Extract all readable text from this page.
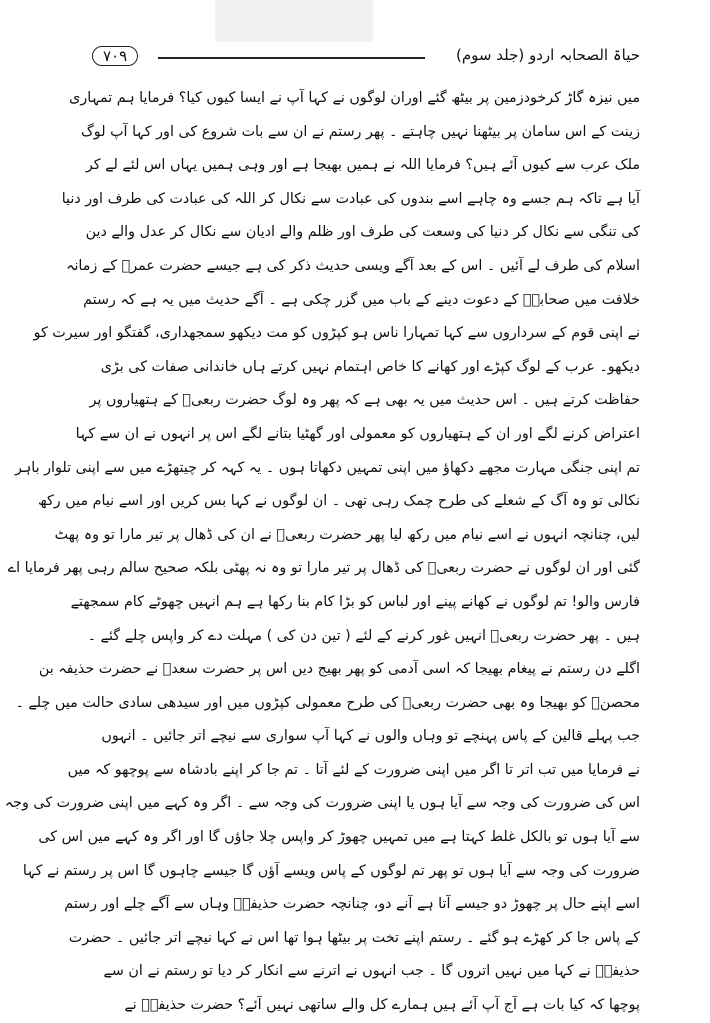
حیاۃ الصحابہ اردو (جلد سوم)
۷۰۹
میں نیزہ گاڑ کرخودزمین پر بیٹھ گئے اوران لوگوں نے کہا آپ نے ایسا کیوں کیا؟ فرمایا ہم تمہاری
زینت کے اس سامان پر بیٹھنا نہیں چاہتے ۔ پھر رستم نے ان سے بات شروع کی اور کہا آپ لوگ
ملک عرب سے کیوں آئے ہیں؟ فرمایا اللہ نے ہمیں بھیجا ہے اور وہی ہمیں یہاں اس لئے لے کر
آیا ہے تاکہ ہم جسے وہ چاہے اسے بندوں کی عبادت سے نکال کر اللہ کی عبادت کی طرف اور دنیا
کی تنگی سے نکال کر دنیا کی وسعت کی طرف اور ظلم والے ادیان سے نکال کر عدل والے دین
اسلام کی طرف لے آئیں ۔ اس کے بعد آگے ویسی حدیث ذکر کی ہے جیسے حضرت عمرؓ کے زمانہ
خلافت میں صحابہؓ کے دعوت دینے کے باب میں گزر چکی ہے ۔ آگے حدیث میں یہ ہے کہ رستم
نے اپنی قوم کے سرداروں سے کہا تمہارا ناس ہو کپڑوں کو مت دیکھو سمجھداری، گفتگو اور سیرت کو
دیکھو۔ عرب کے لوگ کپڑے اور کھانے کا خاص اہتمام نہیں کرتے ہاں خاندانی صفات کی بڑی
حفاظت کرتے ہیں ۔ اس حدیث میں یہ بھی ہے کہ پھر وہ لوگ حضرت ربعیؓ کے ہتھیاروں پر
اعتراض کرنے لگے اور ان کے ہتھیاروں کو معمولی اور گھٹیا بتانے لگے اس پر انہوں نے ان سے کہا
تم اپنی جنگی مہارت مجھے دکھاؤ میں اپنی تمہیں دکھاتا ہوں ۔ یہ کہہ کر چیتھڑے میں سے اپنی تلوار باہر
نکالی تو وہ آگ کے شعلے کی طرح چمک رہی تھی ۔ ان لوگوں نے کہا بس کریں اور اسے نیام میں رکھ
لیں، چنانچہ انہوں نے اسے نیام میں رکھ لیا پھر حضرت ربعیؓ نے ان کی ڈھال پر تیر مارا تو وہ پھٹ
گئی اور ان لوگوں نے حضرت ربعیؓ کی ڈھال پر تیر مارا تو وہ نہ پھٹی بلکہ صحیح سالم رہی پھر فرمایا اے
فارس والو! تم لوگوں نے کھانے پینے اور لباس کو بڑا کام بنا رکھا ہے ہم انہیں چھوٹے کام سمجھتے
ہیں ۔ پھر حضرت ربعیؓ انہیں غور کرنے کے لئے ( تین دن کی ) مہلت دے کر واپس چلے گئے ۔
اگلے دن رستم نے پیغام بھیجا کہ اسی آدمی کو پھر بھیج دیں اس پر حضرت سعدؓ نے حضرت حذیفہ بن
محصنؓ کو بھیجا وہ بھی حضرت ربعیؓ کی طرح معمولی کپڑوں میں اور سیدھی سادی حالت میں چلے ۔
جب پہلے قالین کے پاس پہنچے تو وہاں والوں نے کہا آپ سواری سے نیچے اتر جائیں ۔ انہوں
نے فرمایا میں تب اتر تا اگر میں اپنی ضرورت کے لئے آتا ۔ تم جا کر اپنے بادشاہ سے پوچھو کہ میں
اس کی ضرورت کی وجہ سے آیا ہوں یا اپنی ضرورت کی وجہ سے ۔ اگر وہ کہے میں اپنی ضرورت کی وجہ
سے آیا ہوں تو بالکل غلط کہتا ہے میں تمہیں چھوڑ کر واپس چلا جاؤں گا اور اگر وہ کہے میں اس کی
ضرورت کی وجہ سے آیا ہوں تو پھر تم لوگوں کے پاس ویسے آؤں گا جیسے چاہوں گا اس پر رستم نے کہا
اسے اپنے حال پر چھوڑ دو جیسے آتا ہے آنے دو، چنانچہ حضرت حذیفہؓ وہاں سے آگے چلے اور رستم
کے پاس جا کر کھڑے ہو گئے ۔ رستم اپنے تخت پر بیٹھا ہوا تھا اس نے کہا نیچے اتر جائیں ۔ حضرت
حذیفہؓ نے کہا میں نہیں اتروں گا ۔ جب انہوں نے اترنے سے انکار کر دیا تو رستم نے ان سے
پوچھا کہ کیا بات ہے آج آپ آئے ہیں ہمارے کل والے ساتھی نہیں آئے؟ حضرت حذیفہؓ نے
